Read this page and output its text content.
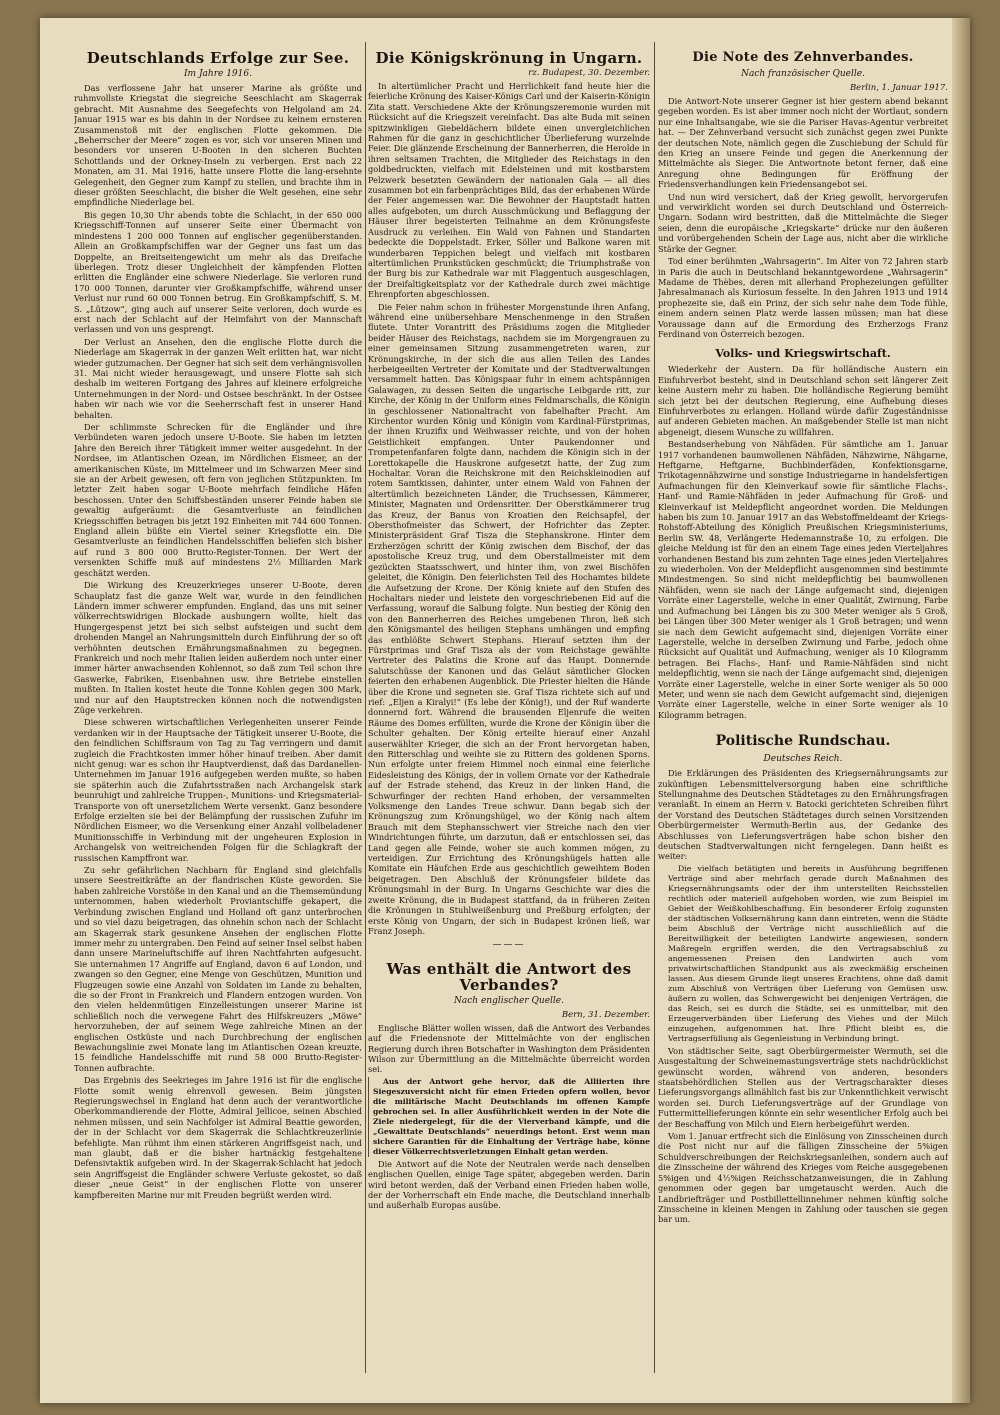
Deutschlands Erfolge zur See.
Im Jahre 1916.

Das verflossene Jahr hat unserer Marine als größte und ruhmvollste Kriegstat die siegreiche Seeschlacht am Skagerrak gebracht. Mit Ausnahme des Seegefechts von Helgoland am 24. Januar 1915 war es bis dahin in der Nordsee zu keinem ernsteren Zusammenstoß mit der englischen Flotte gekommen. Die „Beherrscher der Meere“ zogen es vor, sich vor unseren Minen und besonders vor unseren U-Booten in den sicheren Buchten Schottlands und der Orkney-Inseln zu verbergen. Erst nach 22 Monaten, am 31. Mai 1916, hatte unsere Flotte die lang-ersehnte Gelegenheit, den Gegner zum Kampf zu stellen, und brachte ihm in dieser größten Seeschlacht, die bisher die Welt gesehen, eine sehr empfindliche Niederlage bei.

Bis gegen 10,30 Uhr abends tobte die Schlacht, in der 650 000 Kriegsschiff-Tonnen auf unserer Seite einer Übermacht von mindestens 1 200 000 Tonnen auf englischer gegenüberstanden. Allein an Großkampfschiffen war der Gegner uns fast um das Doppelte, an Breitseitengewicht um mehr als das Dreifache überlegen. Trotz dieser Ungleichheit der kämpfenden Flotten erlitten die Engländer eine schwere Niederlage. Sie verloren rund 170 000 Tonnen, darunter vier Großkampfschiffe, während unser Verlust nur rund 60 000 Tonnen betrug. Ein Großkampfschiff, S. M. S. „Lützow“, ging auch auf unserer Seite verloren, doch wurde es erst nach der Schlacht auf der Heimfahrt von der Mannschaft verlassen und von uns gesprengt.

Der Verlust an Ansehen, den die englische Flotte durch die Niederlage am Skagerrak in der ganzen Welt erlitten hat, war nicht wieder gutzumachen. Der Gegner hat sich seit dem verhängnisvollen 31. Mai nicht wieder herausgewagt, und unsere Flotte sah sich deshalb im weiteren Fortgang des Jahres auf kleinere erfolgreiche Unternehmungen in der Nord- und Ostsee beschränkt. In der Ostsee haben wir nach wie vor die Seeherrschaft fest in unserer Hand behalten.

Der schlimmste Schrecken für die Engländer und ihre Verbündeten waren jedoch unsere U-Boote. Sie haben im letzten Jahre den Bereich ihrer Tätigkeit immer weiter ausgedehnt. In der Nordsee, im Atlantischen Ozean, im Nördlichen Eismeer, an der amerikanischen Küste, im Mittelmeer und im Schwarzen Meer sind sie an der Arbeit gewesen, oft fern von jeglichen Stützpunkten. Im letzter Zeit haben sogar U-Boote mehrfach feindliche Häfen beschossen. Unter den Schiffsbeständen unserer Feinde haben sie gewaltig aufgeräumt: die Gesamtverluste an feindlichen Kriegsschiffen betragen bis jetzt 192 Einheiten mit 744 600 Tonnen. England allein büßte ein Viertel seiner Kriegsflotte ein. Die Gesamtverluste an feindlichen Handelsschiffen beliefen sich bisher auf rund 3 800 000 Brutto-Register-Tonnen. Der Wert der versenkten Schiffe muß auf mindestens 2½ Milliarden Mark geschätzt werden.

Die Wirkung des Kreuzerkrieges unserer U-Boote, deren Schauplatz fast die ganze Welt war, wurde in den feindlichen Ländern immer schwerer empfunden. England, das uns mit seiner völkerrechtswidrigen Blockade aushungern wollte, hielt das Hungergespenst jetzt bei sich selbst aufsteigen und sucht dem drohenden Mangel an Nahrungsmitteln durch Einführung der so oft verhöhnten deutschen Ernährungsmaßnahmen zu begegnen. Frankreich und noch mehr Italien leiden außerdem noch unter einer immer härter anwachsenden Kohlennot, so daß zum Teil schon ihre Gaswerke, Fabriken, Eisenbahnen usw. ihre Betriebe einstellen mußten. In Italien kostet heute die Tonne Kohlen gegen 300 Mark, und nur auf den Hauptstrecken können noch die notwendigsten Züge verkehren.

Diese schweren wirtschaftlichen Verlegenheiten unserer Feinde verdanken wir in der Hauptsache der Tätigkeit unserer U-Boote, die den feindlichen Schiffsraum von Tag zu Tag verringern und damit zugleich die Frachtkosten immer höher hinauf treiben. Aber damit nicht genug: war es schon ihr Hauptverdienst, daß das Dardanellen-Unternehmen im Januar 1916 aufgegeben werden mußte, so haben sie späterhin auch die Zufahrtsstraßen nach Archangelsk stark beunruhigt und zahlreiche Truppen-, Munitions- und Kriegsmaterial-Transporte von oft unersetzlichem Werte versenkt. Ganz besondere Erfolge erzielten sie bei der Belämpfung der russischen Zufuhr im Nördlichen Eismeer, wo die Versenkung einer Anzahl vollbeladener Munitionsschiffe in Verbindung mit der ungeheuren Explosion in Archangelsk von weitreichenden Folgen für die Schlagkraft der russischen Kampffront war.

Zu sehr gefährlichen Nachbarn für England sind gleichfalls unsere Seestreitkräfte an der flandrischen Küste geworden. Sie haben zahlreiche Vorstöße in den Kanal und an die Themsemündung unternommen, haben wiederholt Proviantschiffe gekapert, die Verbindung zwischen England und Holland oft ganz unterbrochen und so viel dazu beigetragen, das ohnehin schon nach der Schlacht am Skagerrak stark gesunkene Ansehen der englischen Flotte immer mehr zu untergraben. Den Feind auf seiner Insel selbst haben dann unsere Marineluftschiffe auf ihren Nachtfahrten aufgesucht. Sie unternahmen 17 Angriffe auf England, davon 6 auf London, und zwangen so den Gegner, eine Menge von Geschützen, Munition und Flugzeugen sowie eine Anzahl von Soldaten im Lande zu behalten, die so der Front in Frankreich und Flandern entzogen wurden. Von den vielen heldenmütigen Einzelleistungen unserer Marine ist schließlich noch die verwegene Fahrt des Hilfskreuzers „Möwe“ hervorzuheben, der auf seinem Wege zahlreiche Minen an der englischen Ostküste und nach Durchbrechung der englischen Bewachungslinie zwei Monate lang im Atlantischen Ozean kreuzte, 15 feindliche Handelsschiffe mit rund 58 000 Brutto-Register-Tonnen aufbrachte.

Das Ergebnis des Seekrieges im Jahre 1916 ist für die englische Flotte somit wenig ehrenvoll gewesen. Beim jüngsten Regierungswechsel in England hat denn auch der verantwortliche Oberkommandierende der Flotte, Admiral Jellicoe, seinen Abschied nehmen müssen, und sein Nachfolger ist Admiral Beattie geworden, der in der Schlacht vor dem Skagerrak die Schlachtkreuzerlinie befehligte. Man rühmt ihm einen stärkeren Angriffsgeist nach, und man glaubt, daß er die bisher hartnäckig festgehaltene Defensivtaktik aufgeben wird. In der Skagerrak-Schlacht hat jedoch sein Angriffsgeist die Engländer schwere Verluste gekostet, so daß dieser „neue Geist“ in der englischen Flotte von unserer kampfbereiten Marine nur mit Freuden begrüßt werden wird.

Die Königskrönung in Ungarn.
rz. Budapest, 30. Dezember.

In altertümlicher Pracht und Herrlichkeit fand heute hier die feierliche Krönung des Kaiser-Königs Carl und der Kaiserin-Königin Zita statt. Verschiedene Akte der Krönungszeremonie wurden mit Rücksicht auf die Kriegszeit vereinfacht. Das alte Buda mit seinen spitzwinkligen Giebeldächern bildete einen unvergleichlichen Rahmen für die ganz in geschichtlicher Überlieferung wurzelnde Feier. Die glänzende Erscheinung der Bannerherren, die Herolde in ihren seltsamen Trachten, die Mitglieder des Reichstags in den goldbedruckten, vielfach mit Edelsteinen und mit kostbarstem Pelzwerk besetzten Gewändern der nationalen Gala — all dies zusammen bot ein farbenprächtiges Bild, das der erhabenen Würde der Feier angemessen war. Die Bewohner der Hauptstadt hatten alles aufgeboten, um durch Ausschmückung und Beflaggung der Häuser ihrer begeisterten Teilnahme an dem Krönungsfeste Ausdruck zu verleihen. Ein Wald von Fahnen und Standarten bedeckte die Doppelstadt. Erker, Söller und Balkone waren mit wunderbaren Teppichen belegt und vielfach mit kostbaren altertümlichen Prunkstücken geschmückt; die Triumphstraße von der Burg bis zur Kathedrale war mit Flaggentuch ausgeschlagen, der Dreifaltigkeitsplatz vor der Kathedrale durch zwei mächtige Ehrenpforten abgeschlossen.

Die Feier nahm schon in frühester Morgenstunde ihren Anfang, während eine unübersehbare Menschenmenge in den Straßen flutete. Unter Vorantritt des Präsidiums zogen die Mitglieder beider Häuser des Reichstags, nachdem sie im Morgengrauen zu einer gemeinsamen Sitzung zusammengetreten waren, zur Krönungskirche, in der sich die aus allen Teilen des Landes herbeigeeilten Vertreter der Komitate und der Stadtverwaltungen versammelt hatten. Das Königspaar fuhr in einem achtspännigen Galawagen, zu dessen Seiten die ungarische Leibgarde ritt, zur Kirche, der König in der Uniform eines Feldmarschalls, die Königin in geschlossener Nationaltracht von fabelhafter Pracht. Am Kirchentor wurden König und Königin vom Kardinal-Fürstprimas, der ihnen Kruzifix und Weihwasser reichte, und von der hohen Geistlichkeit empfangen. Unter Paukendonner und Trompetenfanfaren folgte dann, nachdem die Königin sich in der Lorettokapelle die Hauskrone aufgesetzt hatte, der Zug zum Hochaltar. Voran die Reichskrone mit den Reichskleinodien auf rotem Samtkissen, dahinter, unter einem Wald von Fahnen der altertümlich bezeichneten Länder, die Truchsessen, Kämmerer, Minister, Magnaten und Ordensritter. Der Oberstkämmerer trug das Kreuz, der Banus von Kroatien den Reichsapfel, der Obersthofmeister das Schwert, der Hofrichter das Zepter. Ministerpräsident Graf Tisza die Stephanskrone. Hinter dem Erzherzögen schritt der König zwischen dem Bischof, der das apostolische Kreuz trug, und dem Oberstallmeister mit dem gezückten Staatsschwert, und hinter ihm, von zwei Bischöfen geleitet, die Königin. Den feierlichsten Teil des Hochamtes bildete die Aufsetzung der Krone. Der König kniete auf den Stufen des Hochaltars nieder und leistete den vorgeschriebenen Eid auf die Verfassung, worauf die Salbung folgte. Nun bestieg der König den von den Bannerherren des Reiches umgebenen Thron, ließ sich den Königsmantel des heiligen Stephans umhängen und empfing das entblößte Schwert Stephans. Hierauf setzten ihm der Fürstprimas und Graf Tisza als der vom Reichstage gewählte Vertreter des Palatins die Krone auf das Haupt. Donnernde Salutschüsse der Kanonen und das Geläut sämtlicher Glocken feierten den erhabenen Augenblick. Die Priester hielten die Hände über die Krone und segneten sie. Graf Tisza richtete sich auf und rief: „Eljen a Kiralyi!“ (Es lebe der König!), und der Ruf wanderte donnernd fort. Während die brausenden Eljenrufe die weiten Räume des Domes erfüllten, wurde die Krone der Königin über die Schulter gehalten. Der König erteilte hierauf einer Anzahl auserwählter Krieger, die sich an der Front hervorgetan haben, den Ritterschlag und weihte sie zu Rittern des goldenen Sporns. Nun erfolgte unter freiem Himmel noch einmal eine feierliche Eidesleistung des Königs, der in vollem Ornate vor der Kathedrale auf der Estrade stehend, das Kreuz in der linken Hand, die Schwurfinger der rechten Hand erhoben, der versammelten Volksmenge den Landes Treue schwur. Dann begab sich der Krönungszug zum Krönungshügel, wo der König nach altem Brauch mit dem Stephansschwert vier Streiche nach den vier Windrichtungen führte, um darzutun, daß er entschlossen sei, das Land gegen alle Feinde, woher sie auch kommen mögen, zu verteidigen. Zur Errichtung des Krönungshügels hatten alle Komitate ein Häufchen Erde aus geschichtlich geweihtem Boden beigetragen. Den Abschluß der Krönungsfeier bildete das Krönungsmahl in der Burg. In Ungarns Geschichte war dies die zweite Krönung, die in Budapest stattfand, da in früheren Zeiten die Krönungen in Stuhlweißenburg und Preßburg erfolgten; der erste König von Ungarn, der sich in Budapest krönen ließ, war Franz Joseph.

———
Was enthält die Antwort des Verbandes?
Nach englischer Quelle.
Bern, 31. Dezember.

Englische Blätter wollen wissen, daß die Antwort des Verbandes auf die Friedensnote der Mittelmächte von der englischen Regierung durch ihren Botschafter in Washington dem Präsidenten Wilson zur Übermittlung an die Mittelmächte überreicht worden sei.

Aus der Antwort gehe hervor, daß die Alliierten ihre Siegeszuversicht nicht für einen Frieden opfern wollen, bevor die militärische Macht Deutschlands im offenen Kampfe gebrochen sei. In aller Ausführlichkeit werden in der Note die Ziele niedergelegt, für die der Vierverband kämpfe, und die „Gewalttate Deutschlands“ neuerdings betont. Erst wenn man sichere Garantien für die Einhaltung der Verträge habe, könne dieser Völkerrechtsverletzungen Einhalt getan werden.

Die Antwort auf die Note der Neutralen werde nach denselben englischen Quellen, einige Tage später, abgegeben werden. Darin wird betont werden, daß der Verband einen Frieden haben wolle, der der Vorherrschaft ein Ende mache, die Deutschland innerhalb und außerhalb Europas ausübe.

Die Note des Zehnverbandes.
Nach französischer Quelle.
Berlin, 1. Januar 1917.

Die Antwort-Note unserer Gegner ist hier gestern abend bekannt gegeben worden. Es ist aber immer noch nicht der Wortlaut, sondern nur eine Inhaltsangabe, wie sie die Pariser Havas-Agentur verbreitet hat. — Der Zehnverband versucht sich zunächst gegen zwei Punkte der deutschen Note, nämlich gegen die Zuschiebung der Schuld für den Krieg an unsere Feinde und gegen die Anerkennung der Mittelmächte als Sieger. Die Antwortnote betont ferner, daß eine Anregung ohne Bedingungen für Eröffnung der Friedensverhandlungen kein Friedensangebot sei.

Und nun wird versichert, daß der Krieg gewollt, hervorgerufen und verwirklicht worden sei durch Deutschland und Österreich-Ungarn. Sodann wird bestritten, daß die Mittelmächte die Sieger seien, denn die europäische „Kriegskarte“ drücke nur den äußeren und vorübergehenden Schein der Lage aus, nicht aber die wirkliche Stärke der Gegner.

Tod einer berühmten „Wahrsagerin“. Im Alter von 72 Jahren starb in Paris die auch in Deutschland bekanntgewordene „Wahrsagerin“ Madame de Thèbes, deren mit allerhand Prophezeiungen gefüllter Jahresalmanach als Kuriosum fesselte. In den Jahren 1913 und 1914 prophezeite sie, daß ein Prinz, der sich sehr nahe dem Tode fühle, einem andern seinen Platz werde lassen müssen; man hat diese Voraussage dann auf die Ermordung des Erzherzogs Franz Ferdinand von Österreich bezogen.

Volks- und Kriegswirtschaft.

Wiederkehr der Austern. Da für holländische Austern ein Einfuhrverbot besteht, sind in Deutschland schon seit längerer Zeit keine Austern mehr zu haben. Die holländische Regierung bemüht sich jetzt bei der deutschen Regierung, eine Aufhebung dieses Einfuhrverbotes zu erlangen. Holland würde dafür Zugeständnisse auf anderen Gebieten machen. An maßgebender Stelle ist man nicht abgeneigt, diesem Wunsche zu willfahren.

Bestandserhebung von Nähfäden. Für sämtliche am 1. Januar 1917 vorhandenen baumwollenen Nähfäden, Nähzwirne, Nähgarne, Heftgarne, Heftgarne, Buchbinderfäden, Konfektionsgarne, Trikotagennähzwirne und sonstige Industriegarne in handelsfertigen Aufmachungen für den Kleinverkauf sowie für sämtliche Flachs-, Hanf- und Ramie-Nähfäden in jeder Aufmachung für Groß- und Kleinverkauf ist Meldepflicht angeordnet worden. Die Meldungen haben bis zum 10. Januar 1917 an das Webstoffmeldeamt der Kriegs-Rohstoff-Abteilung des Königlich Preußischen Kriegsministeriums, Berlin SW. 48, Verlängerte Hedemannstraße 10, zu erfolgen. Die gleiche Meldung ist für den an einem Tage eines jeden Vierteljahres vorhandenen Bestand bis zum zehnten Tage eines jeden Vierteljahres zu wiederholen. Von der Meldepflicht ausgenommen sind bestimmte Mindestmengen. So sind nicht meldepflichtig bei baumwollenen Nähfäden, wenn sie nach der Länge aufgemacht sind, diejenigen Vorräte einer Lagerstelle, welche in einer Qualität, Zwirnung, Farbe und Aufmachung bei Längen bis zu 300 Meter weniger als 5 Groß, bei Längen über 300 Meter weniger als 1 Groß betragen; und wenn sie nach dem Gewicht aufgemacht sind, diejenigen Vorräte einer Lagerstelle, welche in derselben Zwirnung und Farbe, jedoch ohne Rücksicht auf Qualität und Aufmachung, weniger als 10 Kilogramm betragen. Bei Flachs-, Hanf- und Ramie-Nähfäden sind nicht meldepflichtig, wenn sie nach der Länge aufgemacht sind, diejenigen Vorräte einer Lagerstelle, welche in einer Sorte weniger als 50 000 Meter, und wenn sie nach dem Gewicht aufgemacht sind, diejenigen Vorräte einer Lagerstelle, welche in einer Sorte weniger als 10 Kilogramm betragen.

Politische Rundschau.
Deutsches Reich.

Die Erklärungen des Präsidenten des Kriegsernährungsamts zur zukünftigen Lebensmittelversorgung haben eine schriftliche Stellungnahme des Deutschen Städtetages zu den Ernährungsfragen veranlaßt. In einem an Herrn v. Batocki gerichteten Schreiben führt der Vorstand des Deutschen Städtetages durch seinen Vorsitzenden Oberbürgermeister Wermuth-Berlin aus, der Gedanke des Abschlusses von Lieferungsverträgen habe schon bisher den deutschen Stadtverwaltungen nicht ferngelegen. Dann heißt es weiter:

Die vielfach betätigten und bereits in Ausführung begriffenen Verträge sind aber mehrfach gerade durch Maßnahmen des Kriegsernährungsamts oder der ihm unterstellten Reichsstellen rechtlich oder materiell aufgehoben worden, wie zum Beispiel im Gebiet der Weißkohlbeschaffung. Ein besonderer Erfolg zugunsten der städtischen Volksernährung kann dann eintreten, wenn die Städte beim Abschluß der Verträge nicht ausschließlich auf die Bereitwilligkeit der beteiligten Landwirte angewiesen, sondern Maßregeln ergriffen werden, die den Vertragsabschluß zu angemessenen Preisen den Landwirten auch vom privatwirtschaftlichen Standpunkt aus als zweckmäßig erscheinen lassen. Aus diesem Grunde liegt unseres Erachtens, ohne daß damit zum Abschluß von Verträgen über Lieferung von Gemüsen usw. äußern zu wollen, das Schwergewicht bei denjenigen Verträgen, die das Reich, sei es durch die Städte, sei es unmittelbar, mit den Erzeugerverbänden über Lieferung des Viehes und der Milch einzugehen, aufgenommen hat. Ihre Pflicht bleibt es, die Vertragserfüllung als Gegenleistung in Verbindung bringt.

Von städtischer Seite, sagt Oberbürgermeister Wermuth, sei die Ausgestaltung der Schweinemastungsverträge stets nachdrücklichst gewünscht worden, während von anderen, besonders staatsbehördlichen Stellen aus der Vertragscharakter dieses Lieferungsvorgangs allmählich fast bis zur Unkenntlichkeit verwischt worden sei. Durch Lieferungsverträge auf der Grundlage von Futtermittellieferungen könnte ein sehr wesentlicher Erfolg auch bei der Beschaffung von Milch und Eiern herbeigeführt werden.

Vom 1. Januar ertfrecht sich die Einlösung von Zinsscheinen durch die Post nicht nur auf die fälligen Zinsscheine der 5%igen Schuldverschreibungen der Reichskriegsanleihen, sondern auch auf die Zinsscheine der während des Krieges vom Reiche ausgegebenen 5%igen und 4½%igen Reichsschatzanweisungen, die in Zahlung genommen oder gegen bar umgetauscht werden. Auch die Landbriefträger und Postbillettellinnehmer nehmen künftig solche Zinsscheine in kleinen Mengen in Zahlung oder tauschen sie gegen bar um.
